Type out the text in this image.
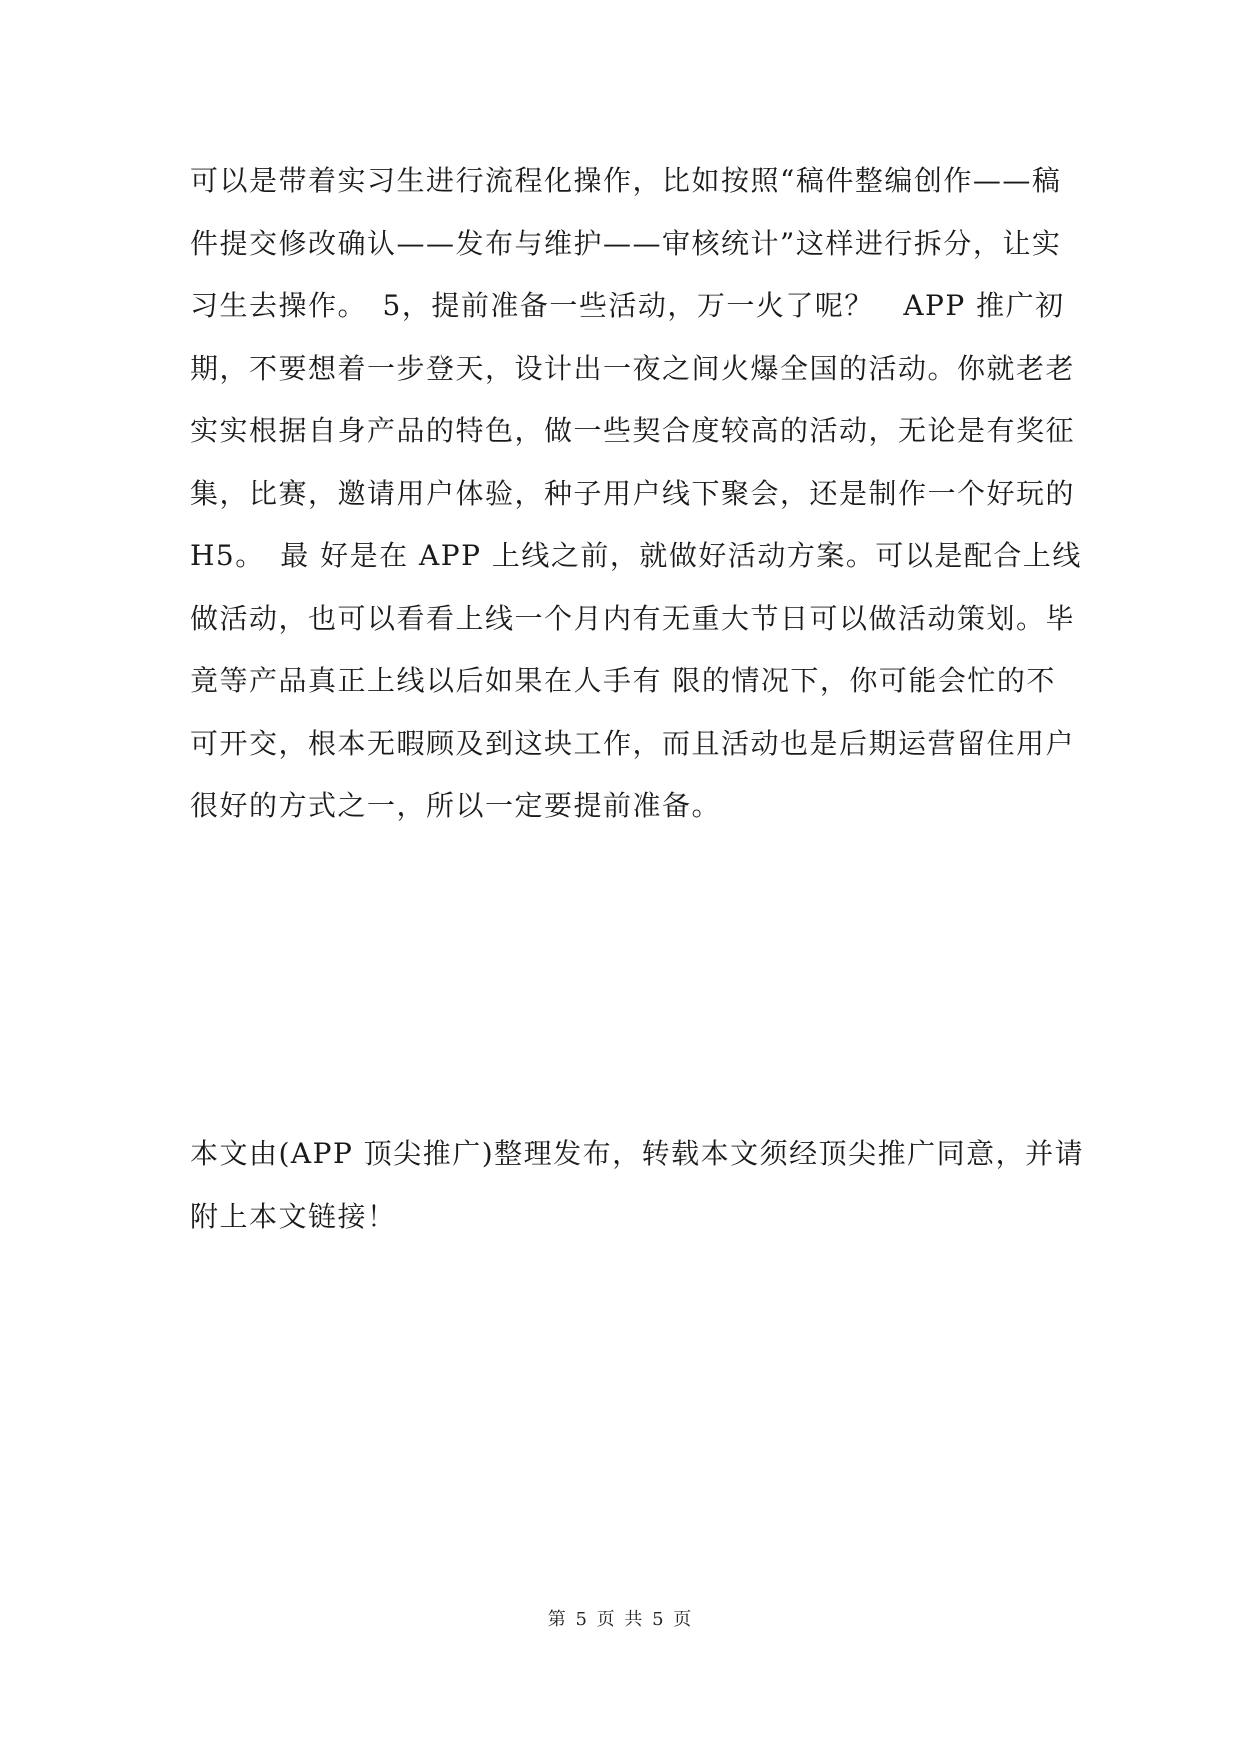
可以是带着实习生进行流程化操作，比如按照“稿件整编创作——稿
件提交修改确认——发布与维护——审核统计”这样进行拆分，让实
习生去操作。　5，提前准备一些活动，万一火了呢？　APP 推广初
期，不要想着一步登天，设计出一夜之间火爆全国的活动。你就老老
实实根据自身产品的特色，做一些契合度较高的活动，无论是有奖征
集，比赛，邀请用户体验，种子用户线下聚会，还是制作一个好玩的
H5。　最 好是在 APP 上线之前，就做好活动方案。可以是配合上线
做活动，也可以看看上线一个月内有无重大节日可以做活动策划。毕
竟等产品真正上线以后如果在人手有 限的情况下，你可能会忙的不
可开交，根本无暇顾及到这块工作，而且活动也是后期运营留住用户
很好的方式之一，所以一定要提前准备。
本文由(APP 顶尖推广)整理发布，转载本文须经顶尖推广同意，并请
附上本文链接！
第 5 页 共 5 页
